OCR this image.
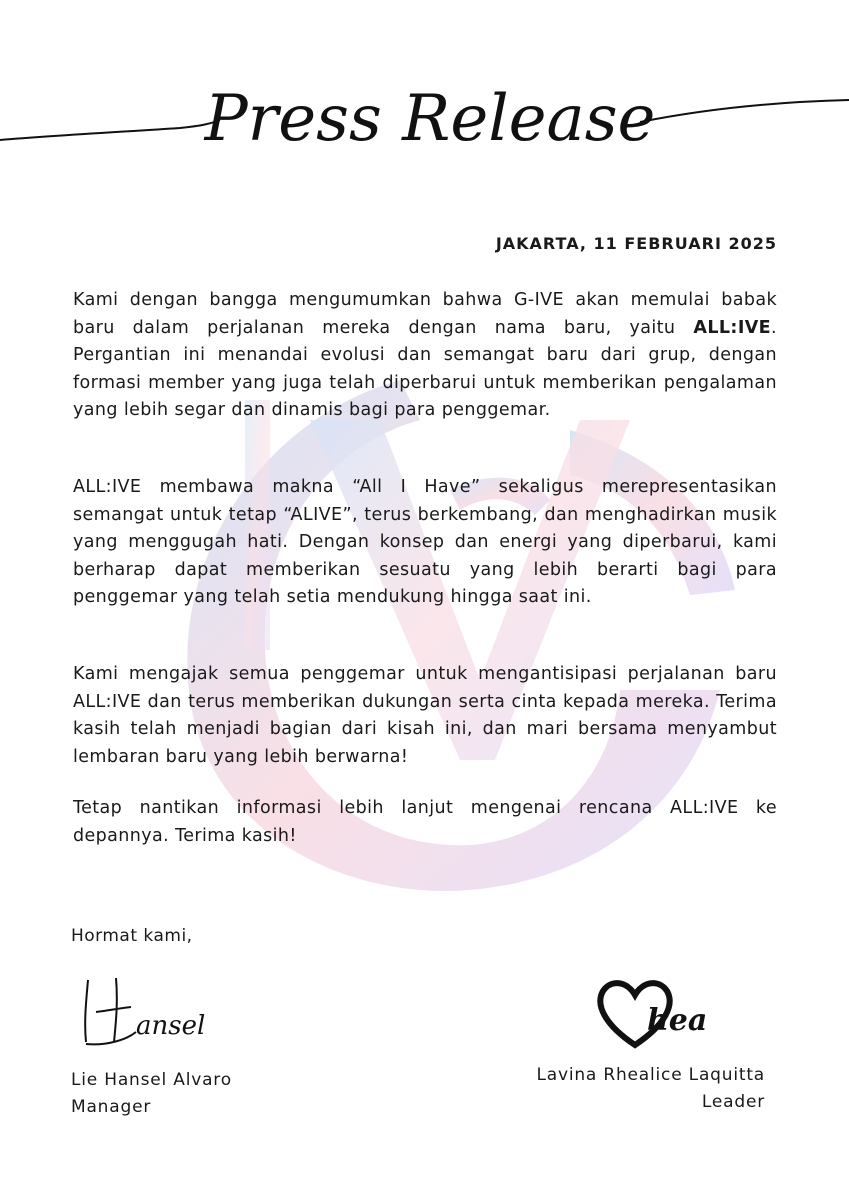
Press Release
JAKARTA, 11 FEBRUARI 2025
Kami dengan bangga mengumumkan bahwa G-IVE akan memulai babak baru dalam perjalanan mereka dengan nama baru, yaitu ALL:IVE. Pergantian ini menandai evolusi dan semangat baru dari grup, dengan formasi member yang juga telah diperbarui untuk memberikan pengalaman yang lebih segar dan dinamis bagi para penggemar.
ALL:IVE membawa makna “All I Have” sekaligus merepresentasikan semangat untuk tetap “ALIVE”, terus berkembang, dan menghadirkan musik yang menggugah hati. Dengan konsep dan energi yang diperbarui, kami berharap dapat memberikan sesuatu yang lebih berarti bagi para penggemar yang telah setia mendukung hingga saat ini.
Kami mengajak semua penggemar untuk mengantisipasi perjalanan baru ALL:IVE dan terus memberikan dukungan serta cinta kepada mereka. Terima kasih telah menjadi bagian dari kisah ini, dan mari bersama menyambut lembaran baru yang lebih berwarna!
Tetap nantikan informasi lebih lanjut mengenai rencana ALL:IVE ke depannya. Terima kasih!
Hormat kami,
ansel	hea
Lie Hansel Alvaro
Manager
Lavina Rhealice Laquitta
Leader
